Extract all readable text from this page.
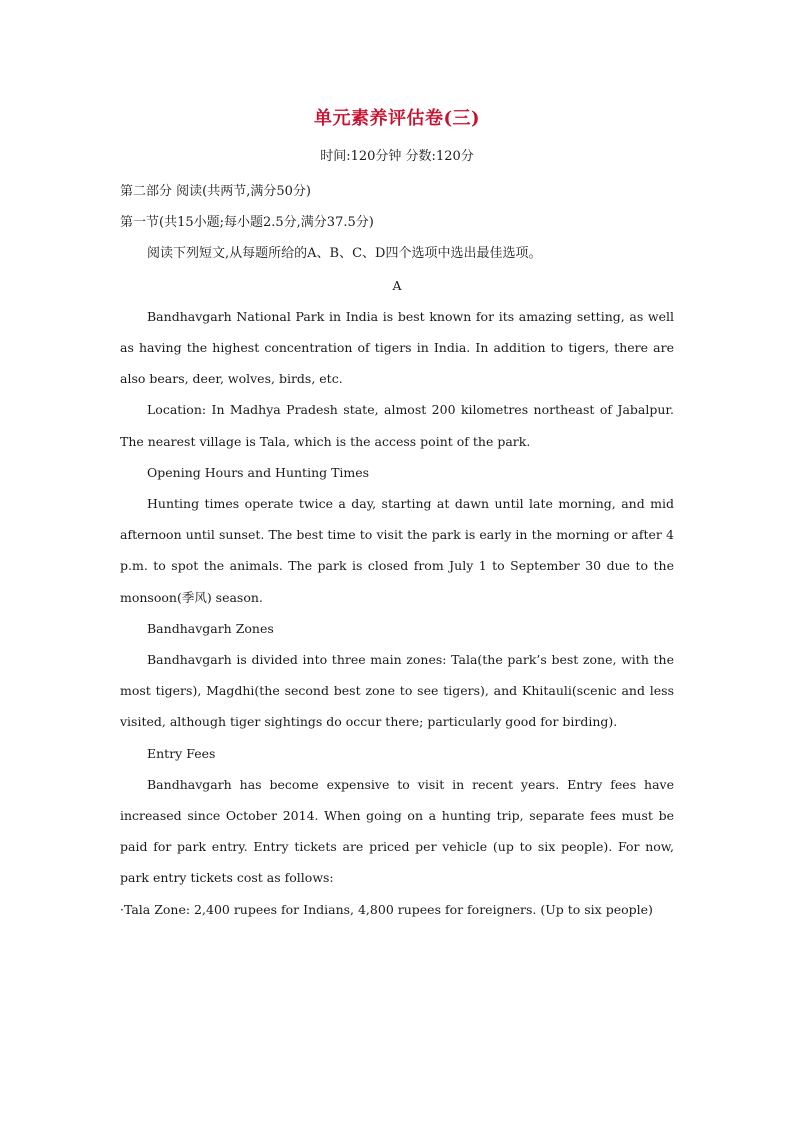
单元素养评估卷(三)

时间:120分钟 分数:120分

第二部分 阅读(共两节,满分50分)

第一节(共15小题;每小题2.5分,满分37.5分)

阅读下列短文,从每题所给的A、B、C、D四个选项中选出最佳选项。

A

Bandhavgarh National Park in India is best known for its amazing setting, as well as having the highest concentration of tigers in India. In addition to tigers, there are also bears, deer, wolves, birds, etc.

Location: In Madhya Pradesh state, almost 200 kilometres northeast of Jabalpur. The nearest village is Tala, which is the access point of the park.

Opening Hours and Hunting Times

Hunting times operate twice a day, starting at dawn until late morning, and mid afternoon until sunset. The best time to visit the park is early in the morning or after 4 p.m. to spot the animals. The park is closed from July 1 to September 30 due to the monsoon(季风) season.

Bandhavgarh Zones

Bandhavgarh is divided into three main zones: Tala(the park’s best zone, with the most tigers), Magdhi(the second best zone to see tigers), and Khitauli(scenic and less visited, although tiger sightings do occur there; particularly good for birding).

Entry Fees

Bandhavgarh has become expensive to visit in recent years. Entry fees have increased since October 2014. When going on a hunting trip, separate fees must be paid for park entry. Entry tickets are priced per vehicle (up to six people). For now, park entry tickets cost as follows:

·Tala Zone: 2,400 rupees for Indians, 4,800 rupees for foreigners. (Up to six people)
